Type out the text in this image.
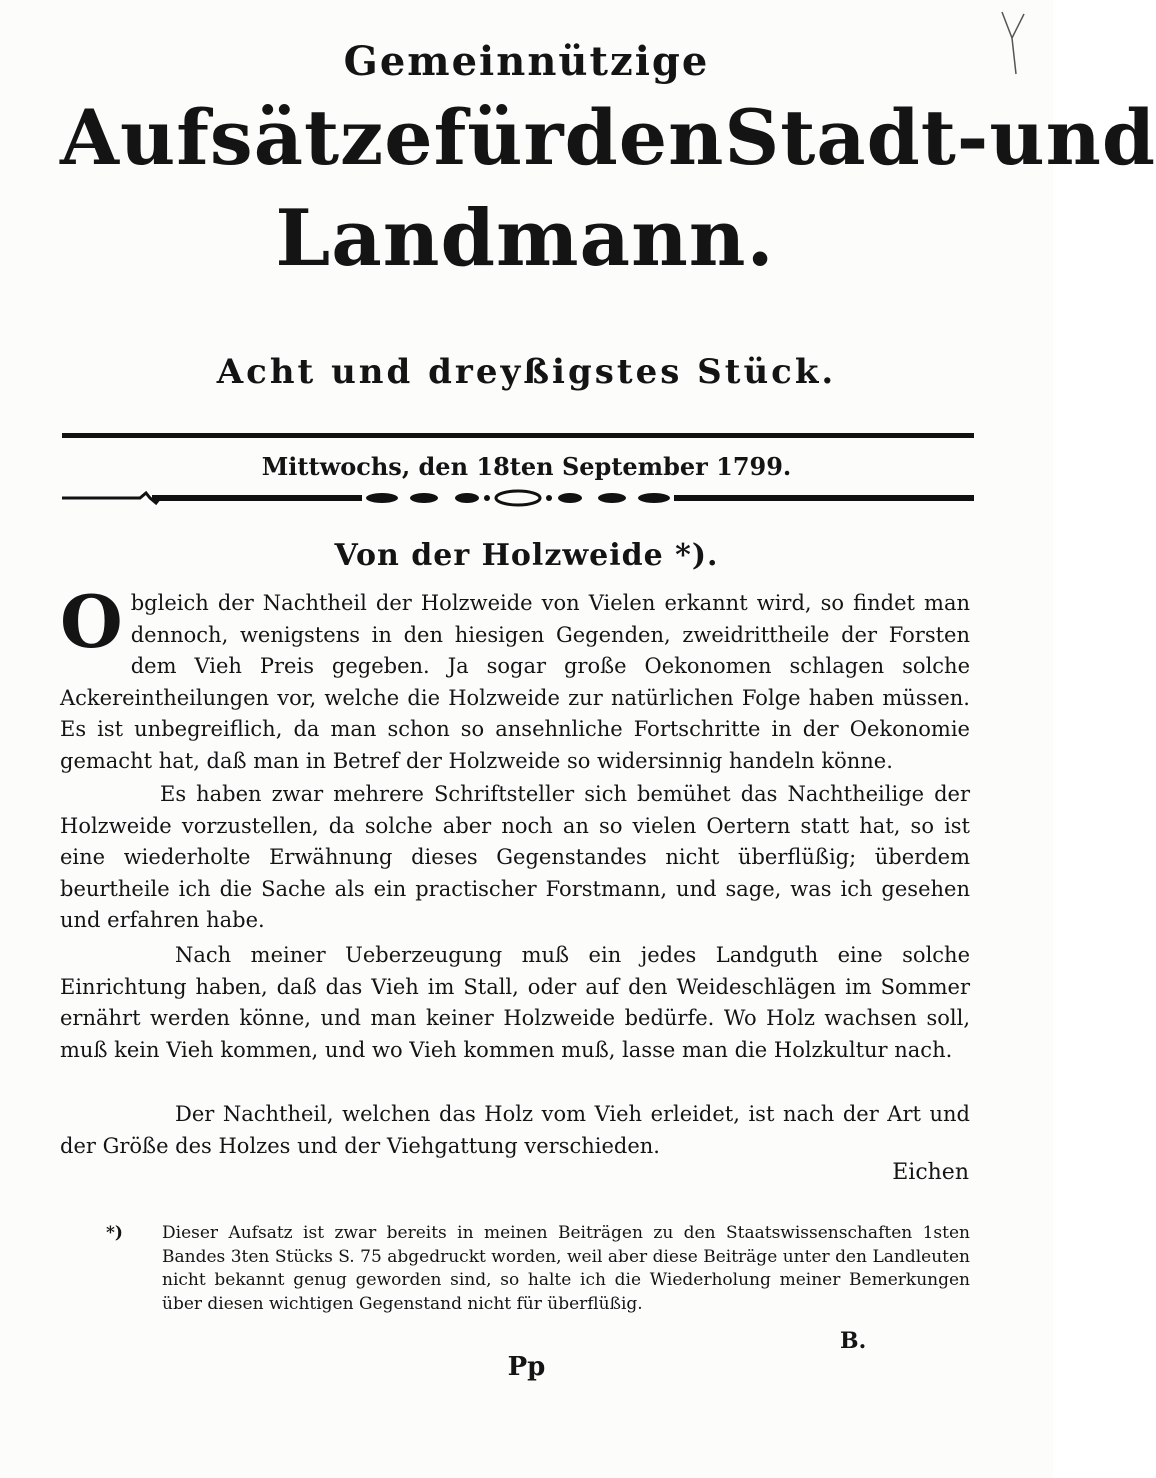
Gemeinnützige
Aufsätze für den Stadt- und
Landmann.
Acht und dreyßigstes Stück.
Mittwochs, den 18ten September 1799.
Von der Holzweide *).
O bgleich der Nachtheil der Holzweide von Vielen erkannt wird, so findet man dennoch, wenigstens in den hiesigen Gegenden, zweidrittheile der Forsten dem Vieh Preis gegeben. Ja sogar große Oekonomen schlagen solche Ackereintheilungen vor, welche die Holzweide zur natürlichen Folge haben müssen. Es ist unbegreiflich, da man schon so ansehnliche Fortschritte in der Oekonomie gemacht hat, daß man in Betref der Holzweide so widersinnig handeln könne.

Es haben zwar mehrere Schriftsteller sich bemühet das Nachtheilige der Holzweide vorzustellen, da solche aber noch an so vielen Oertern statt hat, so ist eine wiederholte Erwähnung dieses Gegenstandes nicht überflüßig; überdem beurtheile ich die Sache als ein practischer Forstmann, und sage, was ich gesehen und erfahren habe.

Nach meiner Ueberzeugung muß ein jedes Landguth eine solche Einrichtung haben, daß das Vieh im Stall, oder auf den Weideschlägen im Sommer ernährt werden könne, und man keiner Holzweide bedürfe. Wo Holz wachsen soll, muß kein Vieh kommen, und wo Vieh kommen muß, lasse man die Holzkultur nach.

Der Nachtheil, welchen das Holz vom Vieh erleidet, ist nach der Art und der Größe des Holzes und der Viehgattung verschieden.

Eichen
*) Dieser Aufsatz ist zwar bereits in meinen Beiträgen zu den Staatswissenschaften 1sten Bandes 3ten Stücks S. 75 abgedruckt worden, weil aber diese Beiträge unter den Landleuten nicht bekannt genug geworden sind, so halte ich die Wiederholung meiner Bemerkungen über diesen wichtigen Gegenstand nicht für überflüßig.
B.
Pp
